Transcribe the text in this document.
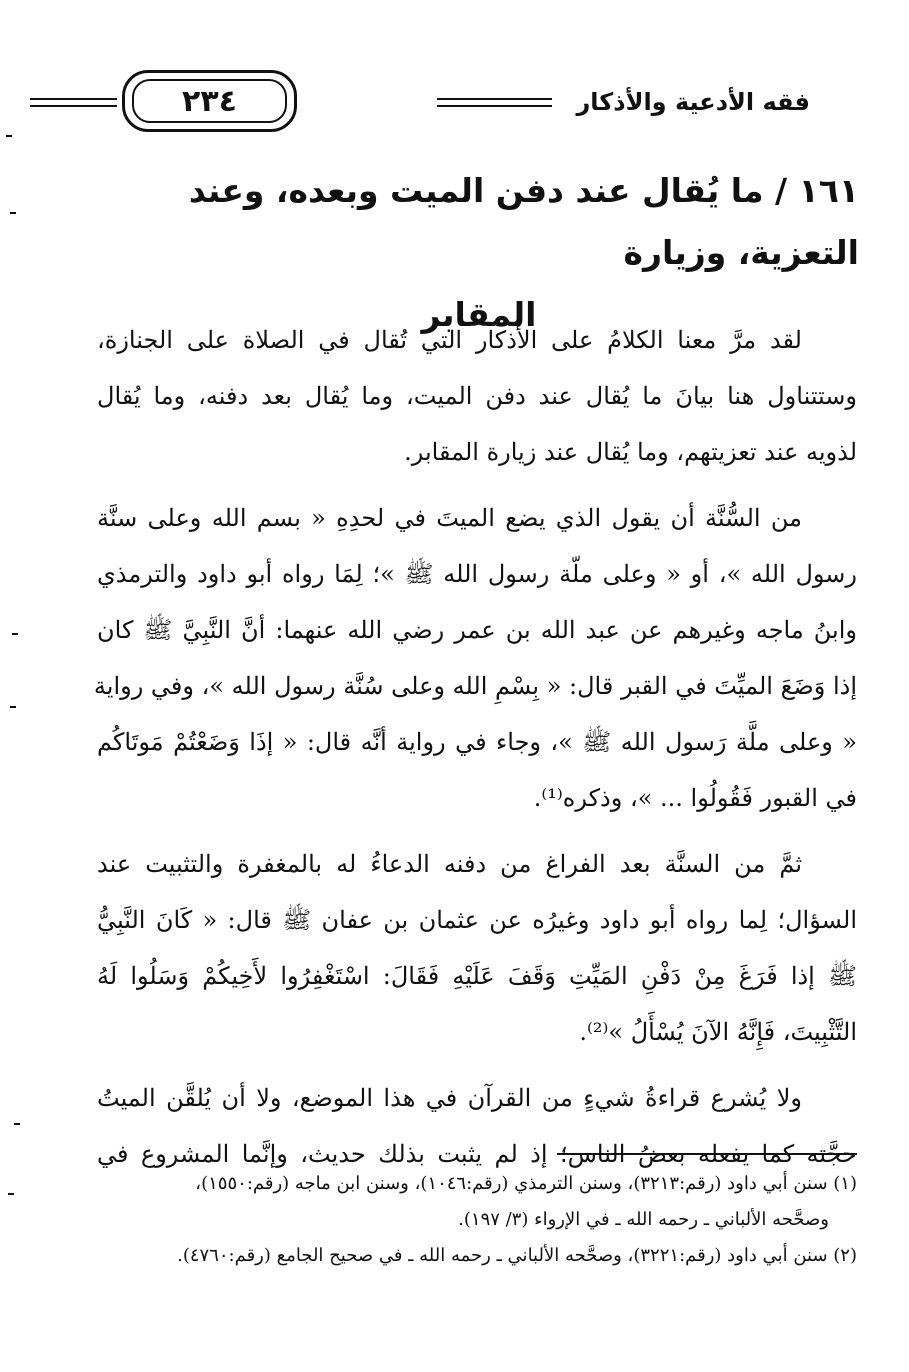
فقه الأدعية والأذكار
٢٣٤
١٦١ / ما يُقال عند دفن الميت وبعده، وعند التعزية، وزيارة
المقابر
لقد مرَّ معنا الكلامُ على الأذكار التي تُقال في الصلاة على الجنازة،
وستتناول هنا بيانَ ما يُقال عند دفن الميت، وما يُقال بعد دفنه، وما يُقال
لذويه عند تعزيتهم، وما يُقال عند زيارة المقابر.
من السُّنَّة أن يقول الذي يضع الميتَ في لحدِهِ « بسم الله وعلى سنَّة
رسول الله »، أو « وعلى ملّة رسول الله ﷺ »؛ لِمَا رواه أبو داود والترمذي
وابنُ ماجه وغيرهم عن عبد الله بن عمر رضي الله عنهما: أنَّ النَّبِيَّ ﷺ كان
إذا وَضَعَ الميِّتَ في القبر قال: « بِسْمِ الله وعلى سُنَّة رسول الله »، وفي رواية
« وعلى ملَّة رَسول الله ﷺ »، وجاء في رواية أنَّه قال: « إذَا وَضَعْتُمْ مَوتَاكُم
في القبور فَقُولُوا ... »، وذكره⁽¹⁾.
ثمَّ من السنَّة بعد الفراغ من دفنه الدعاءُ له بالمغفرة والتثبيت عند
السؤال؛ لِما رواه أبو داود وغيرُه عن عثمان بن عفان ﷺ قال: « كَانَ النَّبِيُّ
ﷺ إذا فَرَغَ مِنْ دَفْنِ المَيِّتِ وَقَفَ عَلَيْهِ فَقَالَ: اسْتَغْفِرُوا لأَخِيكُمْ وَسَلُوا لَهُ
التَّثْبِيتَ، فَإِنَّهُ الآنَ يُسْأَلُ »⁽²⁾.
ولا يُشرع قراءةُ شيءٍ من القرآن في هذا الموضع، ولا أن يُلقَّن الميتُ
حجَّته كما يفعله بعضُ الناس؛ إذ لم يثبت بذلك حديث، وإنَّما المشروع في
(١) سنن أبي داود (رقم:٣٢١٣)، وسنن الترمذي (رقم:١٠٤٦)، وسنن ابن ماجه (رقم:١٥٥٠)،
وصحَّحه الألباني ـ رحمه الله ـ في الإرواء (٣/ ١٩٧).
(٢) سنن أبي داود (رقم:٣٢٢١)، وصحَّحه الألباني ـ رحمه الله ـ في صحيح الجامع (رقم:٤٧٦٠).
